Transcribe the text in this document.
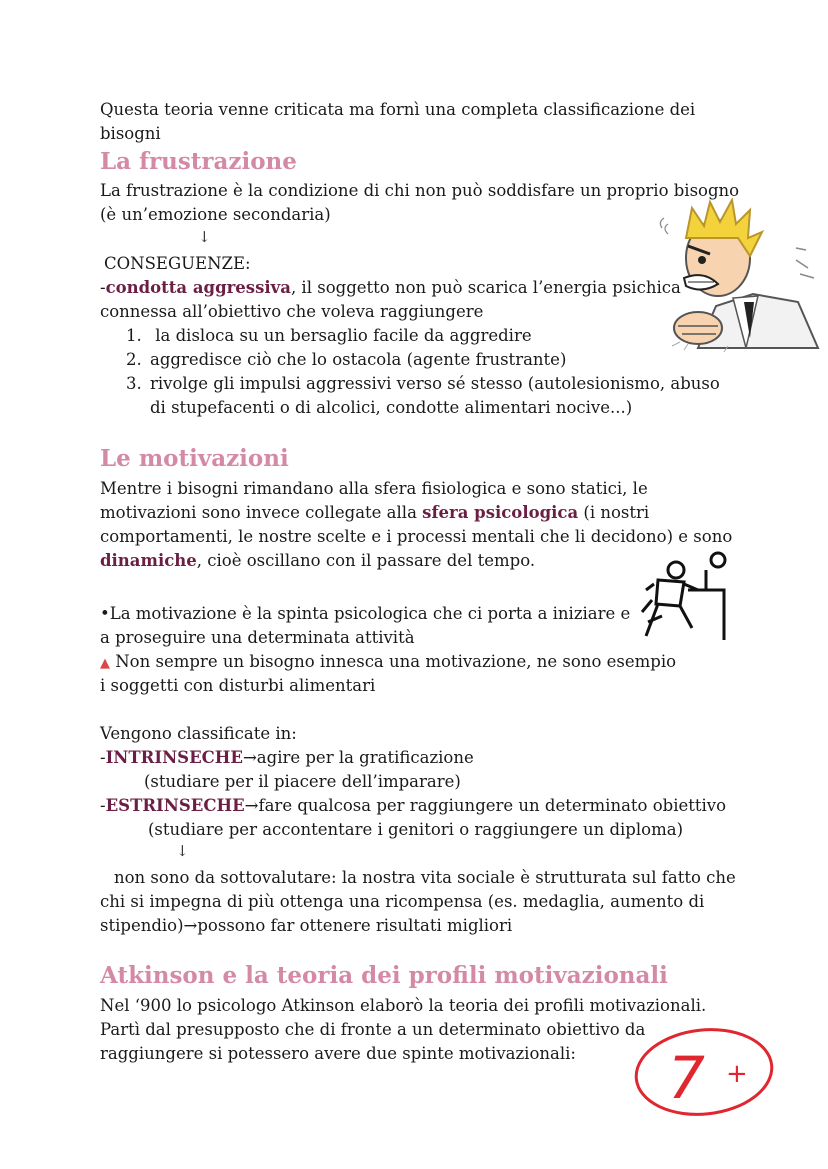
Questa teoria venne criticata ma fornì una completa classificazione dei
bisogni
La frustrazione
La frustrazione è la condizione di chi non può soddisfare un proprio bisogno
(è un’emozione secondaria)
↓
CONSEGUENZE:
-condotta aggressiva, il soggetto non può scarica l’energia psichica
connessa all’obiettivo che voleva raggiungere
1. la disloca su un bersaglio facile da aggredire
2. aggredisce ciò che lo ostacola (agente frustrante)
3. rivolge gli impulsi aggressivi verso sé stesso (autolesionismo, abuso
di stupefacenti o di alcolici, condotte alimentari nocive...)
Le motivazioni
Mentre i bisogni rimandano alla sfera fisiologica e sono statici, le
motivazioni sono invece collegate alla sfera psicologica (i nostri
comportamenti, le nostre scelte e i processi mentali che li decidono) e sono
dinamiche, cioè oscillano con il passare del tempo.
•La motivazione è la spinta psicologica che ci porta a iniziare e
a proseguire una determinata attività
▲ Non sempre un bisogno innesca una motivazione, ne sono esempio
i soggetti con disturbi alimentari
Vengono classificate in:
-INTRINSECHE→agire per la gratificazione
(studiare per il piacere dell’imparare)
-ESTRINSECHE→fare qualcosa per raggiungere un determinato obiettivo
(studiare per accontentare i genitori o raggiungere un diploma)
↓
non sono da sottovalutare: la nostra vita sociale è strutturata sul fatto che
chi si impegna di più ottenga una ricompensa (es. medaglia, aumento di
stipendio)→possono far ottenere risultati migliori
Atkinson e la teoria dei profili motivazionali
Nel ‘900 lo psicologo Atkinson elaborò la teoria dei profili motivazionali.
Partì dal presupposto che di fronte a un determinato obiettivo da
raggiungere si potessero avere due spinte motivazionali: 7 +
